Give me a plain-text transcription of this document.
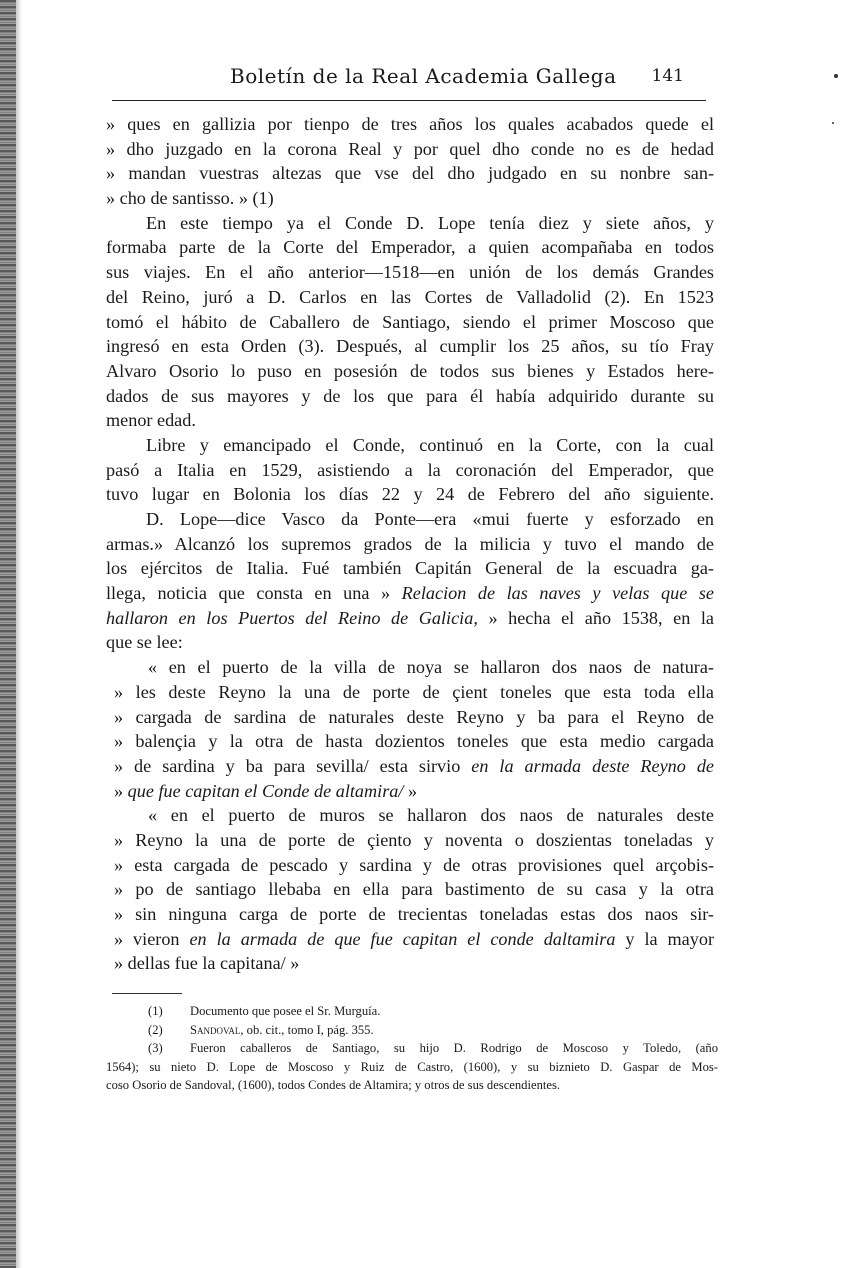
Boletín de la Real Academia Gallega 141
» ques en gallizia por tienpo de tres años los quales acabados quede el
» dho juzgado en la corona Real y por quel dho conde no es de hedad
» mandan vuestras altezas que vse del dho judgado en su nonbre san-
» cho de santisso. » (1)
En este tiempo ya el Conde D. Lope tenía diez y siete años, y
formaba parte de la Corte del Emperador, a quien acompañaba en todos
sus viajes. En el año anterior—1518—en unión de los demás Grandes
del Reino, juró a D. Carlos en las Cortes de Valladolid (2). En 1523
tomó el hábito de Caballero de Santiago, siendo el primer Moscoso que
ingresó en esta Orden (3). Después, al cumplir los 25 años, su tío Fray
Alvaro Osorio lo puso en posesión de todos sus bienes y Estados here-
dados de sus mayores y de los que para él había adquirido durante su
menor edad.
Libre y emancipado el Conde, continuó en la Corte, con la cual
pasó a Italia en 1529, asistiendo a la coronación del Emperador, que
tuvo lugar en Bolonia los días 22 y 24 de Febrero del año siguiente.
D. Lope—dice Vasco da Ponte—era «mui fuerte y esforzado en
armas.» Alcanzó los supremos grados de la milicia y tuvo el mando de
los ejércitos de Italia. Fué también Capitán General de la escuadra ga-
llega, noticia que consta en una » Relacion de las naves y velas que se
hallaron en los Puertos del Reino de Galicia, » hecha el año 1538, en la
que se lee:
« en el puerto de la villa de noya se hallaron dos naos de natura-
» les deste Reyno la una de porte de çient toneles que esta toda ella
» cargada de sardina de naturales deste Reyno y ba para el Reyno de
» balençia y la otra de hasta dozientos toneles que esta medio cargada
» de sardina y ba para sevilla/ esta sirvio en la armada deste Reyno de
» que fue capitan el Conde de altamira/ »
« en el puerto de muros se hallaron dos naos de naturales deste
» Reyno la una de porte de çiento y noventa o doszientas toneladas y
» esta cargada de pescado y sardina y de otras provisiones quel arçobis-
» po de santiago llebaba en ella para bastimento de su casa y la otra
» sin ninguna carga de porte de trecientas toneladas estas dos naos sir-
» vieron en la armada de que fue capitan el conde daltamira y la mayor
» dellas fue la capitana/ »
(1) Documento que posee el Sr. Murguía.
(2) Sandoval, ob. cit., tomo I, pág. 355.
(3) Fueron caballeros de Santiago, su hijo D. Rodrigo de Moscoso y Toledo, (año
1564); su nieto D. Lope de Moscoso y Ruiz de Castro, (1600), y su biznieto D. Gaspar de Mos-
coso Osorio de Sandoval, (1600), todos Condes de Altamira; y otros de sus descendientes.
